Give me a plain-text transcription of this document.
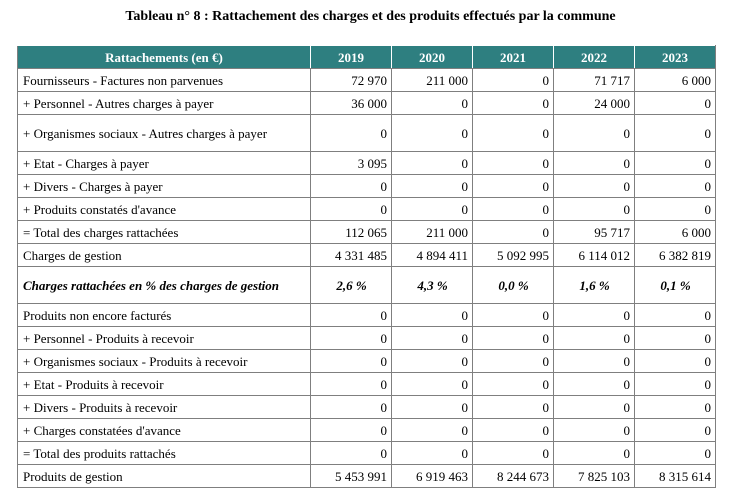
Tableau n° 8 : Rattachement des charges et des produits effectués par la commune
Rattachements (en €)	2019	2020	2021	2022	2023
Fournisseurs - Factures non parvenues	72 970	211 000	0	71 717	6 000
+ Personnel - Autres charges à payer	36 000	0	0	24 000	0
+ Organismes sociaux - Autres charges à payer	0	0	0	0	0
+ Etat - Charges à payer	3 095	0	0	0	0
+ Divers - Charges à payer	0	0	0	0	0
+ Produits constatés d'avance	0	0	0	0	0
= Total des charges rattachées	112 065	211 000	0	95 717	6 000
Charges de gestion	4 331 485	4 894 411	5 092 995	6 114 012	6 382 819
Charges rattachées en % des charges de gestion	2,6 %	4,3 %	0,0 %	1,6 %	0,1 %
Produits non encore facturés	0	0	0	0	0
+ Personnel - Produits à recevoir	0	0	0	0	0
+ Organismes sociaux - Produits à recevoir	0	0	0	0	0
+ Etat - Produits à recevoir	0	0	0	0	0
+ Divers - Produits à recevoir	0	0	0	0	0
+ Charges constatées d'avance	0	0	0	0	0
= Total des produits rattachés	0	0	0	0	0
Produits de gestion	5 453 991	6 919 463	8 244 673	7 825 103	8 315 614
